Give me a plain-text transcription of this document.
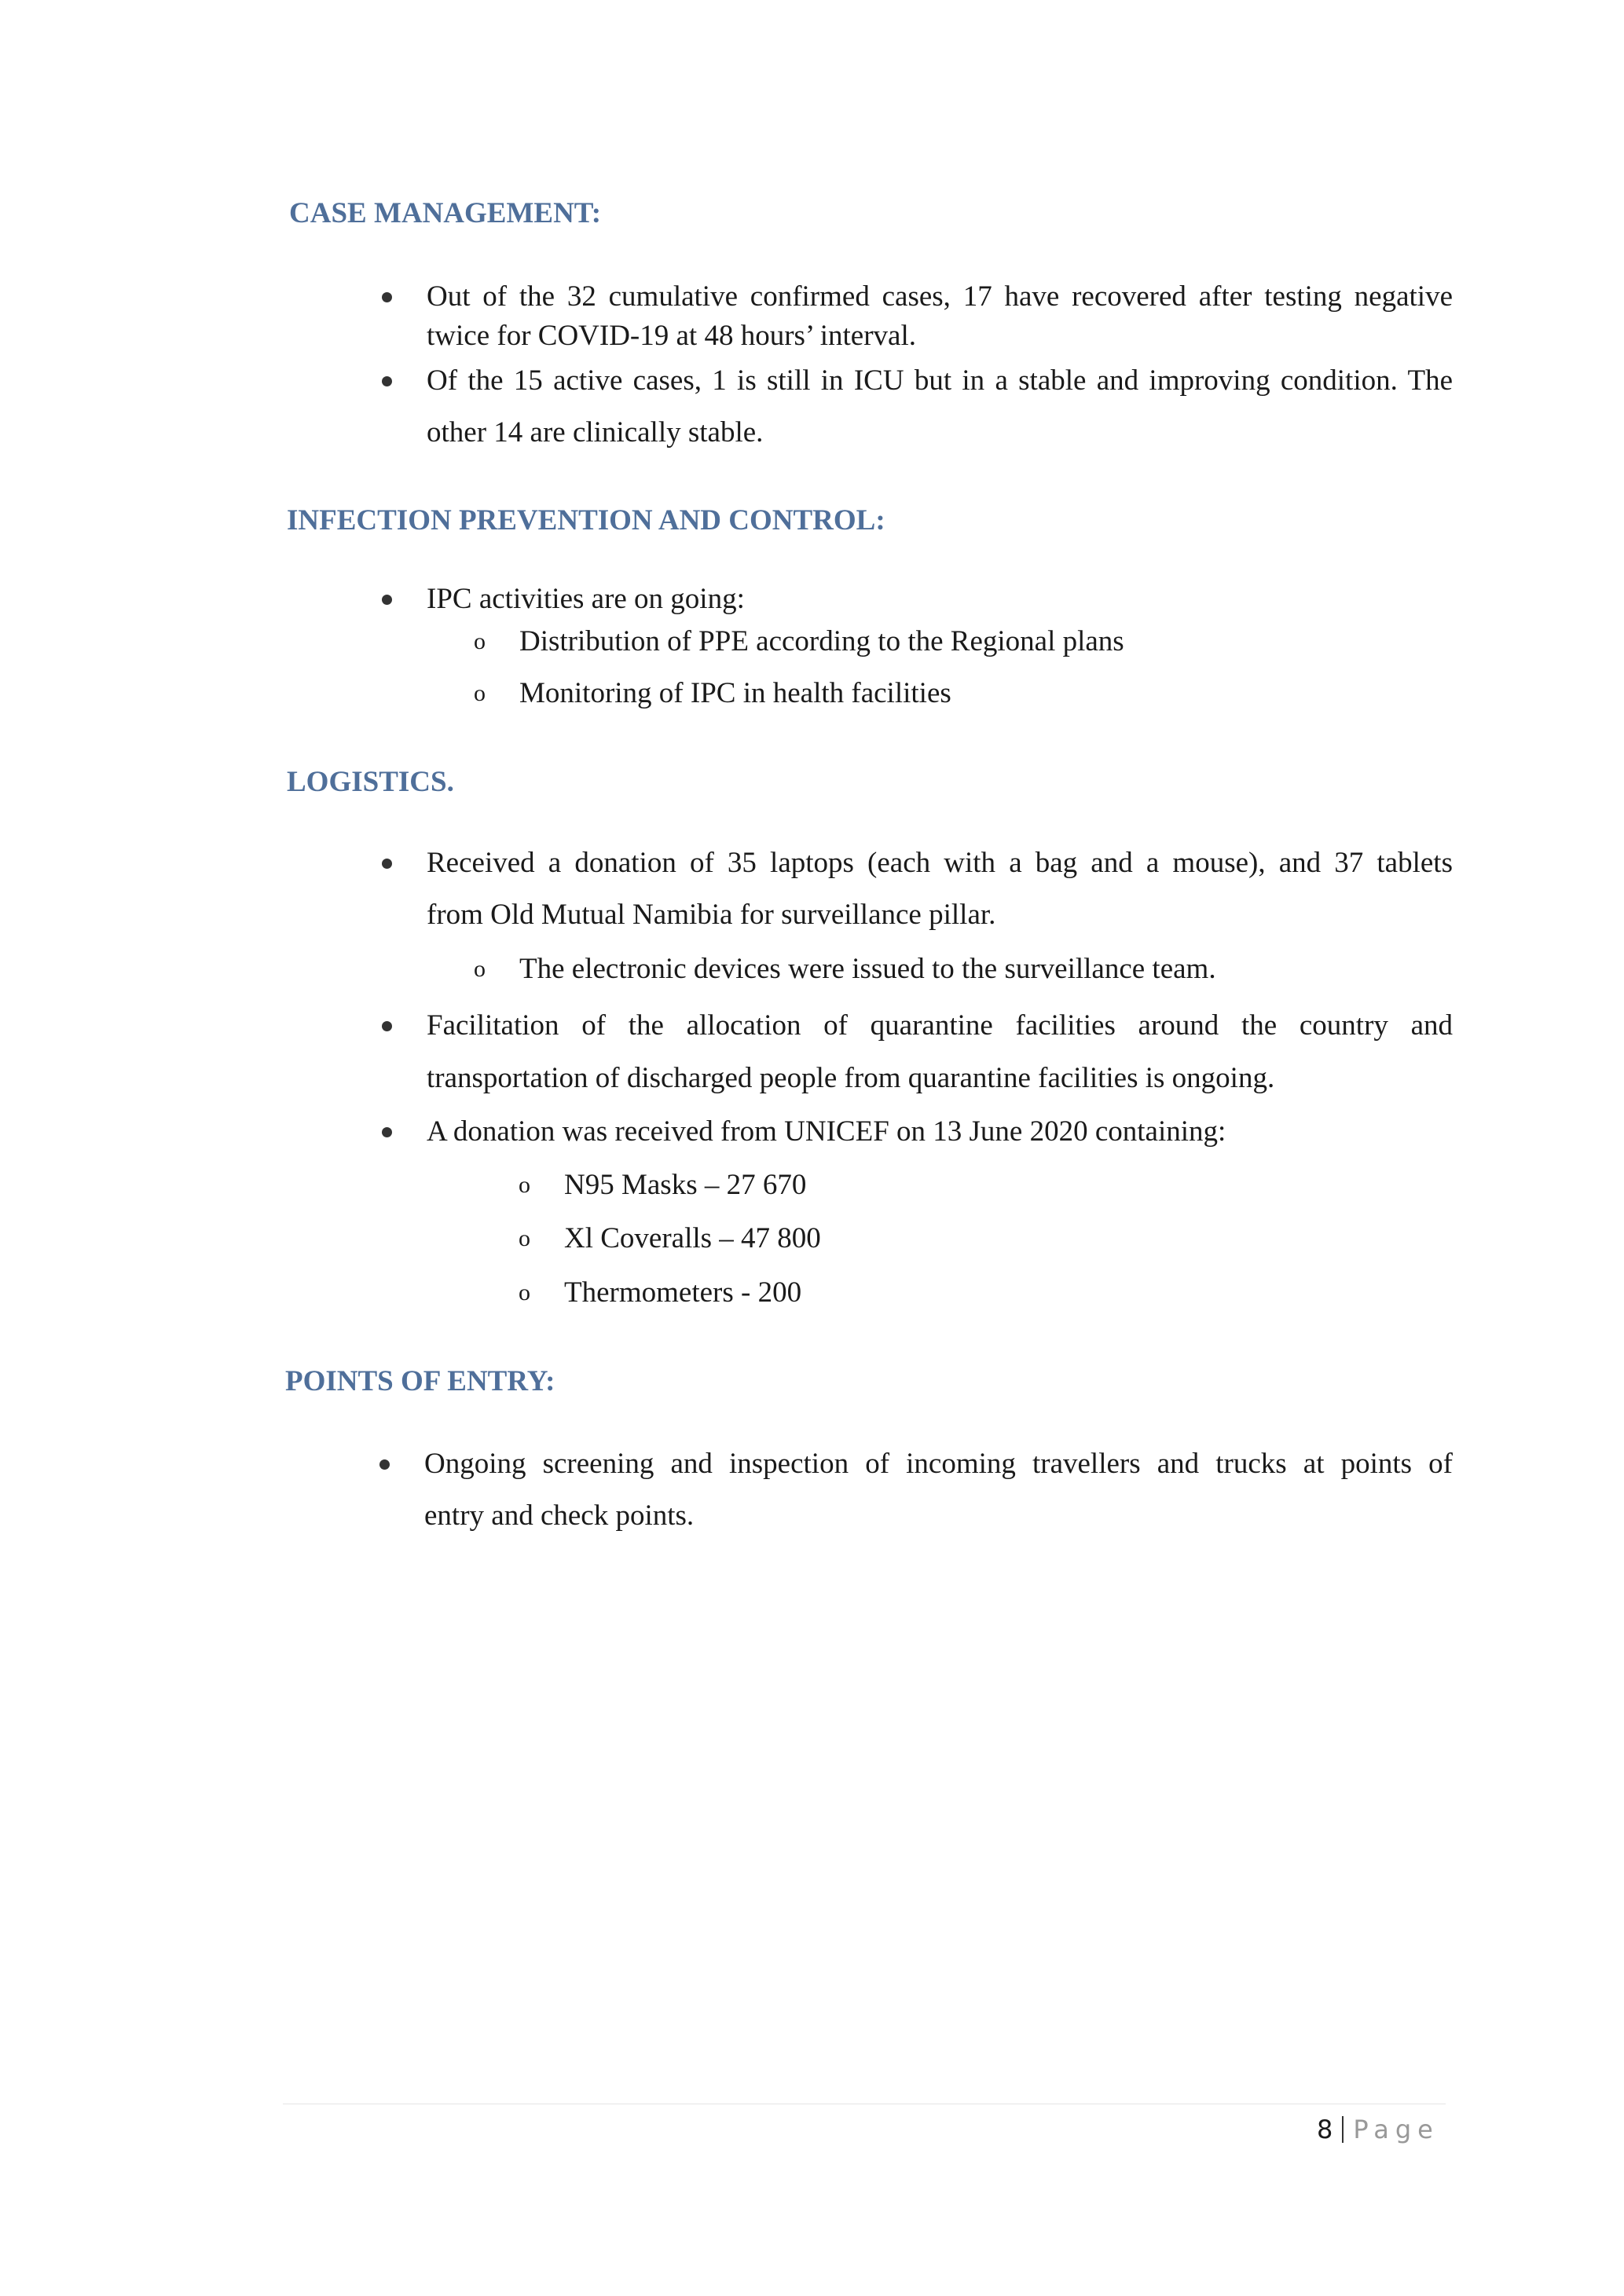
CASE MANAGEMENT:
Out of the 32 cumulative confirmed cases, 17 have recovered after testing negative
twice for COVID-19 at 48 hours’ interval.
Of the 15 active cases, 1 is still in ICU but in a stable and improving condition. The
other 14 are clinically stable.
INFECTION PREVENTION AND CONTROL:
IPC activities are on going:
o Distribution of PPE according to the Regional plans
o Monitoring of IPC in health facilities
LOGISTICS.
Received a donation of 35 laptops (each with a bag and a mouse), and 37 tablets
from Old Mutual Namibia for surveillance pillar.
o The electronic devices were issued to the surveillance team.
Facilitation of the allocation of quarantine facilities around the country and
transportation of discharged people from quarantine facilities is ongoing.
A donation was received from UNICEF on 13 June 2020 containing:
o N95 Masks – 27 670
o Xl Coveralls – 47 800
o Thermometers - 200
POINTS OF ENTRY:
Ongoing screening and inspection of incoming travellers and trucks at points of
entry and check points.
8 Page
